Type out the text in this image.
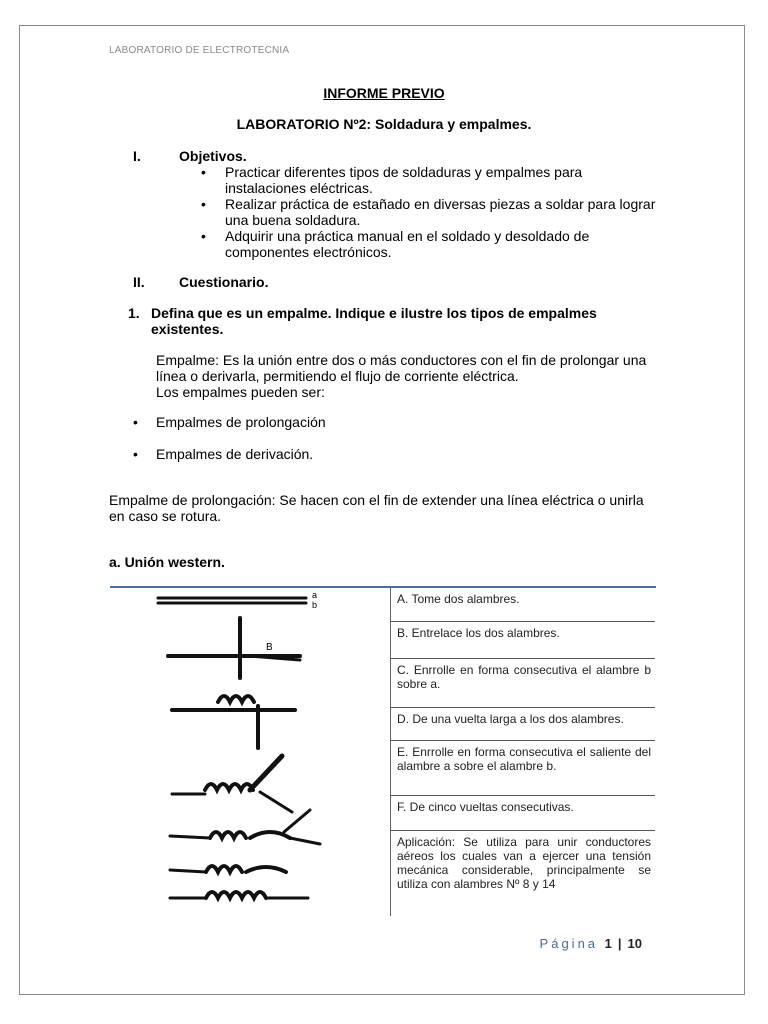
LABORATORIO DE ELECTROTECNIA
INFORME PREVIO
LABORATORIO Nº2: Soldadura y empalmes.
I.	Objetivos.
• Practicar diferentes tipos de soldaduras y empalmes para
instalaciones eléctricas.
• Realizar práctica de estañado en diversas piezas a soldar para lograr
una buena soldadura.
• Adquirir una práctica manual en el soldado y desoldado de
componentes electrónicos.
II. Cuestionario.
1. Defina que es un empalme. Indique e ilustre los tipos de empalmes
existentes.
Empalme: Es la unión entre dos o más conductores con el fin de prolongar una
línea o derivarla, permitiendo el flujo de corriente eléctrica.
Los empalmes pueden ser:
• Empalmes de prolongación
• Empalmes de derivación.
Empalme de prolongación: Se hacen con el fin de extender una línea eléctrica o unirla
en caso se rotura.
a. Unión western.
a
b
B
A. Tome dos alambres.
B. Entrelace los dos alambres.
C. Enrrolle en forma consecutiva el alambre b sobre a.
D. De una vuelta larga a los dos alambres.
E. Enrrolle en forma consecutiva el saliente del alambre a sobre el alambre b.
F. De cinco vueltas consecutivas.
Aplicación: Se utiliza para unir conductores aéreos los cuales van a ejercer una tensión mecánica considerable, principalmente se utiliza con alambres Nº 8 y 14
Página 1 | 10
